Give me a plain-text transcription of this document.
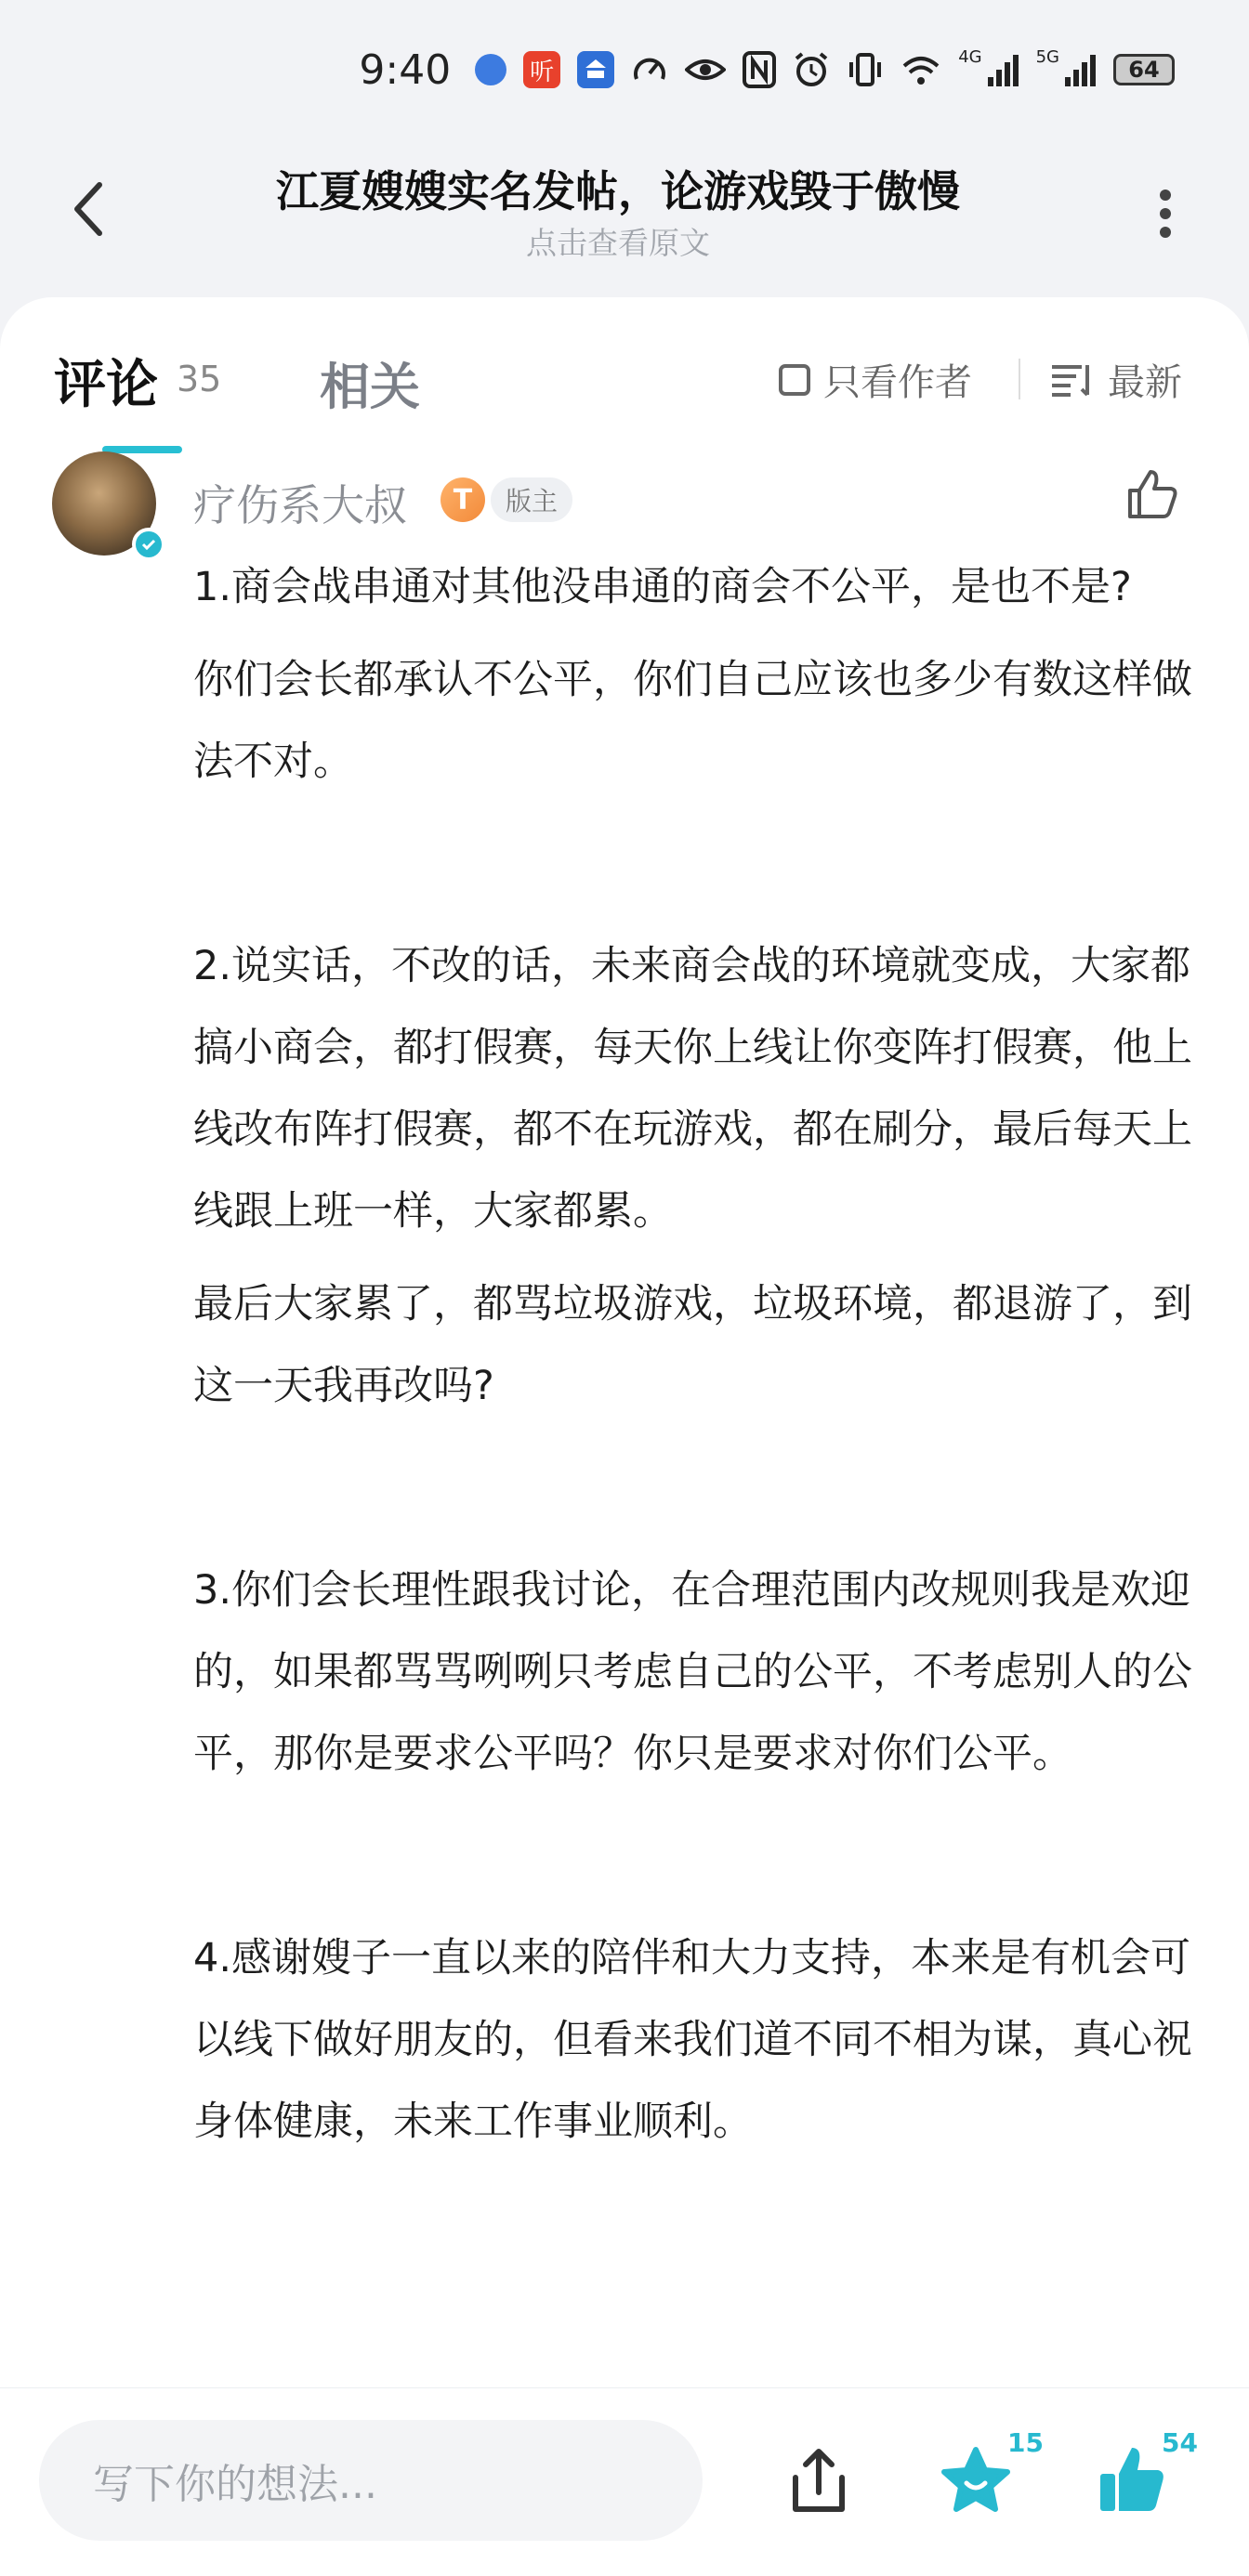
9:40	听
4G	5G	64
江夏嫂嫂实名发帖，论游戏毁于傲慢
点击查看原文
评论 35 相关	只看作者	最新
疗伤系大叔	T	版主

1.商会战串通对其他没串通的商会不公平，是也不是?

你们会长都承认不公平，你们自己应该也多少有数这样做法不对。

2.说实话，不改的话，未来商会战的环境就变成，大家都搞小商会，都打假赛，每天你上线让你变阵打假赛，他上线改布阵打假赛，都不在玩游戏，都在刷分，最后每天上线跟上班一样，大家都累。

最后大家累了，都骂垃圾游戏，垃圾环境，都退游了，到这一天我再改吗?

3.你们会长理性跟我讨论，在合理范围内改规则我是欢迎的，如果都骂骂咧咧只考虑自己的公平，不考虑别人的公平，那你是要求公平吗？你只是要求对你们公平。

4.感谢嫂子一直以来的陪伴和大力支持，本来是有机会可以线下做好朋友的，但看来我们道不同不相为谋，真心祝身体健康，未来工作事业顺利。

写下你的想法...
15	54
